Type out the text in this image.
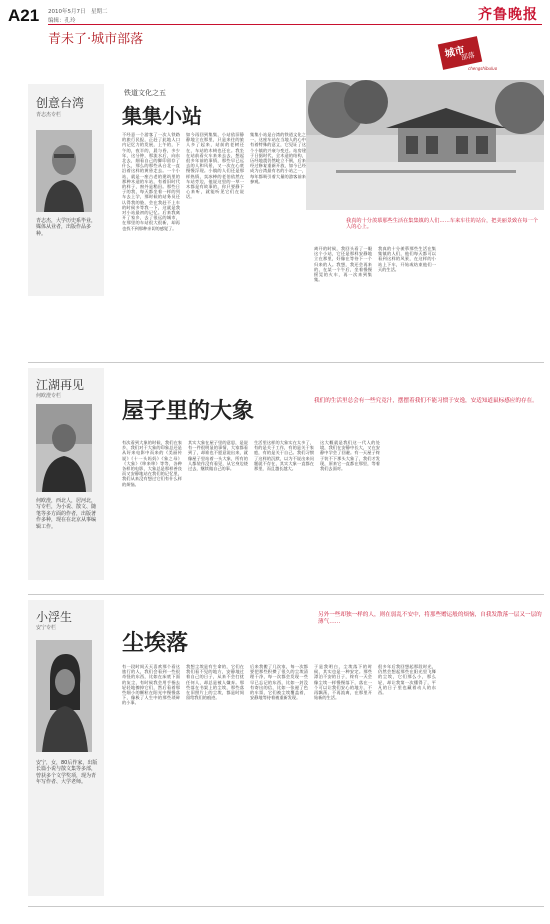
A21 2010年5月7日　星期二
编辑：孔玲
青未了·城市部落
齐鲁晚报
城市
部落
chengshibuluo
创意台湾
青志杰专栏
青志杰，大学历史系毕业，媒体从业者，出版作品多种。
铁道文化之五
集集小站
不经意一个游客了一次人铁路的旅行民报，正赶了此地人口内记忆力的发展，上午的，下午的，夜半的，晨与昏，多少年，这分钟，那流水后，向东北去，细看自己的脚印留存了什么，那么的那些从台北一直沿着这样的黄昏走去。一个小站，就是一座古老的建筑里的那种木造的车站，有着旧时代的样子，窗外是稻田。那些日子的我，每天都坐着一样的列车去上学，那时候的站务员还认得我的脸，会在我赶不上车的时候多等我一下，这就是我对小站最初的记忆。后来我离开了家乡，去了很远的城市，在那里的车站很大很新，却再也找不到那种亲切的感觉了。
如今再回到集集，小站依旧静静地立在那里，只是来往的旅人多了起来，站前的老树还在，车站的木椅也还在。我坐在站前看火车来来去去，想起很多年前的事情，那些早已远去的人和风景，又一次在心底慢慢浮现。小镇的人们还是那样热情，卖冰棒的老伯依然在车站旁边，他说这里的一草一木都是有故事的，你只要静下心来听，就能听见它们在说话。
集集小站是台湾的铁道文化之一，这座车站在当地人的心中有着特殊的意义，它见证了这个小镇的兴衰与变迁。站房建于日据时代，全木造的结构，历经地震仍然屹立不倒，后来经过修复重新开放，如今已经成为台湾最有名的小站之一，每年都吸引着大量的游客前来参观。
我真的十分羡慕那些生活在集集镇的人们……车来车往的站台，把美丽景致在每一个人的心上。
离开的时候，我回头看了一眼这个小站，它还是那样安静地立在那里，好像在等待下一个归来的人。我想，我还会再来的，在某一个午后，坐着慢慢摇晃的火车，再一次来到集集。
我真的十分羡慕那些生活在集集镇的人们，他们每天都可以看到这样的风景，在这样的小站上下车，开始或结束他们一天的生活。
江湖再见
何欧澄专栏
何欧澄，西北人，居河北，写专栏，为小说、散文、随笔等多方面的作者，出版著作多种，现在在北京从事编辑工作。
屋子里的大象	我们的生活里总会有一些究竟汁，摆摆着我们不能习惯于安逸，安适知道鼠标感应的存在。
有次看到大象的时候，我们在家乡，我们对于大象的印象总还是从好来电影中而来的《美丽传说》《十一头妈妈》《象之母》《大象》《哆来哆》等等，各种各样的电影，大象总是那样善良而又安静地站在我们的记忆里，我们从来没有想过它们有什么样的烦恼。
其实大象在屋子里的意思，是说有一件很明显的事情，大家都看到了，却谁也不愿意说出来，就像屋子里站着一头大象，所有的人都装作没有看见，从它身边绕过去，继续做自己的事。
生活里这样的大象实在太多了，有的是关于工作，有的是关于家庭，有的是关于自己。我们习惯了这样的沉默，以为不说出来问题就不存在，其实大象一直都在那里，而且越长越大。
这大概就是我们这一代人的处境，我们在安静中长大，又在安静中学会了回避。有一天屋子终于装不下那头大象了，我们才发现，原来它一直都在那里，等着我们去面对。
小浮生
安宁专栏
安宁，女，80后作家，出版长篇小说与散文集等多部，曾获多个文学奖项，现为青年写作者、大学老师。
尘埃落
另外一些却独一样的人，则在弱乱不安中，将那些赠运般的烦恼，自我发散落一层又一层的薄气……
有一段时间天天喜欢那个看这旅行的人，我们会看到一些很奇怪的东西，比如在床底下面的灰尘，有时候我会用手指去轻轻地擦掉它们，然后看着那些细小的颗粒在阳光中慢慢落下，像极了人生中的那些琐碎的小事。
我想尘埃是有生命的，它们在我们看不见的地方，安静地过着自己的日子，从来不会打扰任何人，却总是被人嫌弃。那些落在书架上的尘埃，那些落在旧照片上的尘埃，都是时间留给我们的痕迹。
后来我搬了几次家，每一次都要把那些积攒了很久的尘埃清理干净，每一次都会发现一些早已忘记的东西，比如一封没有寄出的信，比如一张褪了色的车票，它们被尘埃覆盖着，安静地等待着被重新发现。
于是我明白，尘埃落下的时候，其实也是一种安定。那些漂泊不安的日子，终有一天会像尘埃一样慢慢落下，落在一个可以让我们安心的地方，不再飘荡，不再流离，在那里开始新的生活。
很多年后我回想起那段时光，仍然会想起那些在阳光里飞舞的尘埃，它们那么小，那么轻，却让我第一次懂得了，平凡的日子里也藏着动人的东西。
